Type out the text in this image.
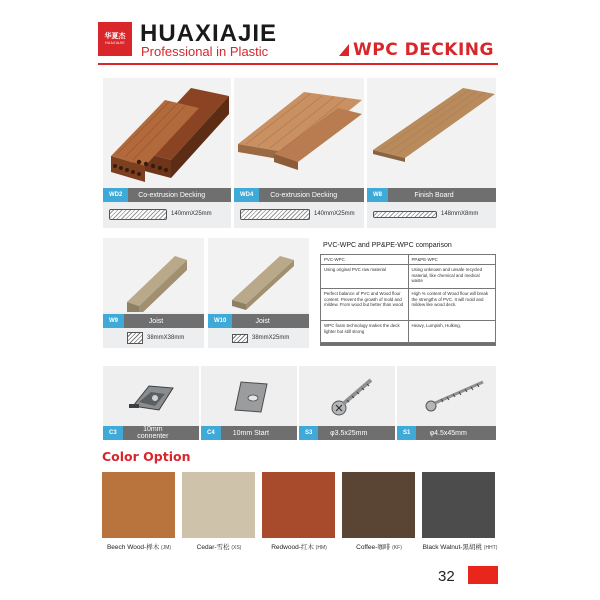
华夏杰
HUAXIAJIE HUAXIAJIE
Professional in Plastic	WPC DECKING
WD2	Co-extrusion Decking
140mmX25mm
WD4	Co-extrusion Decking
140mmX25mm
W8	Finish Board
148mmX8mm
W9	Joist
38mmX38mm
W10	Joist
38mmX25mm
PVC-WPC and PP&PE-WPC comparison
PVC-WPC	PP&PE-WPC
Using original PVC raw material	Using unknown and unsafe recycled material, like chemical and medical waste
Perfect balance of PVC and Wood flour content. Prevent the growth of mold and mildew. From wood but better than wood	High % content of Wood flour will break the strengths of PVC. It will mold and mildew like wood deck.
WPC foam technology makes the deck lighter but still strong	Heavy, Lumpish, Hulking,

C3	10mm connenter	C4	10mm Start	S3	φ3.5x25mm	S1	φ4.5x45mm
Color Option
Beech Wood-榉木 (JM)	Cedar-雪松 (XS)	Redwood-红木 (HM)	Coffee-咖啡 (KF)	Black Walnut-黑胡桃 (HHT)
32
